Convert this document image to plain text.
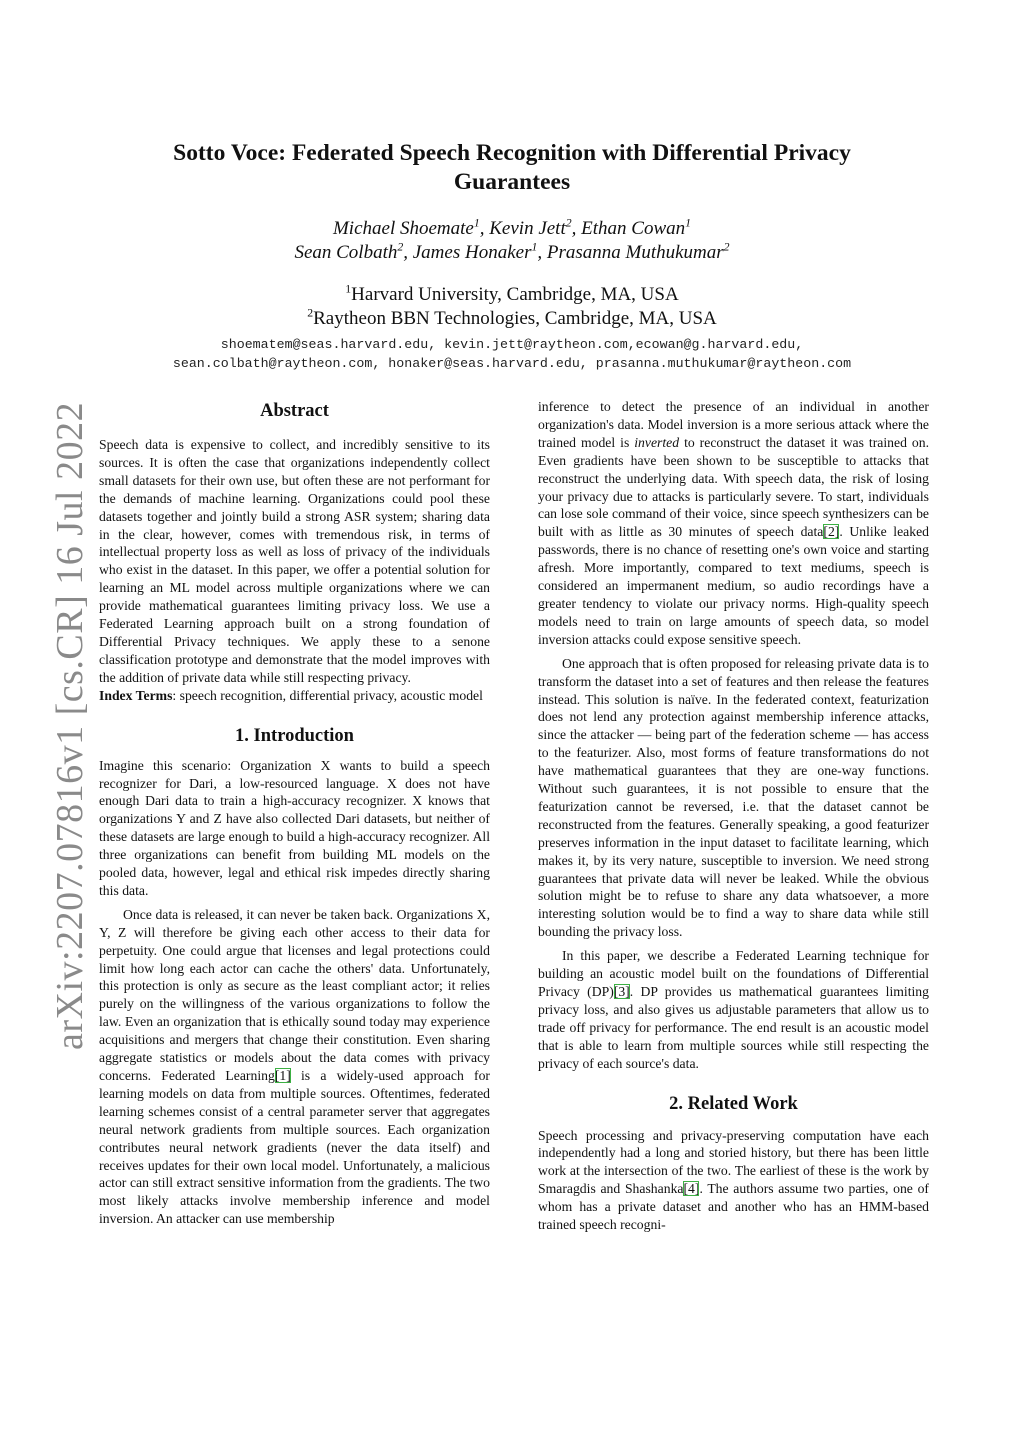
arXiv:2207.07816v1 [cs.CR] 16 Jul 2022
Sotto Voce: Federated Speech Recognition with Differential Privacy
Guarantees
Michael Shoemate$^1$, Kevin Jett$^2$, Ethan Cowan$^1$
Sean Colbath$^2$, James Honaker$^1$, Prasanna Muthukumar$^2$
$^1$Harvard University, Cambridge, MA, USA
$^2$Raytheon BBN Technologies, Cambridge, MA, USA
shoematem@seas.harvard.edu, kevin.jett@raytheon.com,ecowan@g.harvard.edu,
sean.colbath@raytheon.com, honaker@seas.harvard.edu, prasanna.muthukumar@raytheon.com
Abstract

Speech data is expensive to collect, and incredibly sensitive to its sources. It is often the case that organizations independently collect small datasets for their own use, but often these are not performant for the demands of machine learning. Organizations could pool these datasets together and jointly build a strong ASR system; sharing data in the clear, however, comes with tremendous risk, in terms of intellectual property loss as well as loss of privacy of the individuals who exist in the dataset. In this paper, we offer a potential solution for learning an ML model across multiple organizations where we can provide mathematical guarantees limiting privacy loss. We use a Federated Learning approach built on a strong foundation of Differential Privacy techniques. We apply these to a senone classification prototype and demonstrate that the model improves with the addition of private data while still respecting privacy.

Index Terms: speech recognition, differential privacy, acoustic model

1. Introduction

Imagine this scenario: Organization X wants to build a speech recognizer for Dari, a low-resourced language. X does not have enough Dari data to train a high-accuracy recognizer. X knows that organizations Y and Z have also collected Dari datasets, but neither of these datasets are large enough to build a high-accuracy recognizer. All three organizations can benefit from building ML models on the pooled data, however, legal and ethical risk impedes directly sharing this data.

Once data is released, it can never be taken back. Organizations X, Y, Z will therefore be giving each other access to their data for perpetuity. One could argue that licenses and legal protections could limit how long each actor can cache the others' data. Unfortunately, this protection is only as secure as the least compliant actor; it relies purely on the willingness of the various organizations to follow the law. Even an organization that is ethically sound today may experience acquisitions and mergers that change their constitution. Even sharing aggregate statistics or models about the data comes with privacy concerns. Federated Learning[1] is a widely-used approach for learning models on data from multiple sources. Oftentimes, federated learning schemes consist of a central parameter server that aggregates neural network gradients from multiple sources. Each organization contributes neural network gradients (never the data itself) and receives updates for their own local model. Unfortunately, a malicious actor can still extract sensitive information from the gradients. The two most likely attacks involve membership inference and model inversion. An attacker can use membership

inference to detect the presence of an individual in another organization's data. Model inversion is a more serious attack where the trained model is inverted to reconstruct the dataset it was trained on. Even gradients have been shown to be susceptible to attacks that reconstruct the underlying data. With speech data, the risk of losing your privacy due to attacks is particularly severe. To start, individuals can lose sole command of their voice, since speech synthesizers can be built with as little as 30 minutes of speech data[2]. Unlike leaked passwords, there is no chance of resetting one's own voice and starting afresh. More importantly, compared to text mediums, speech is considered an impermanent medium, so audio recordings have a greater tendency to violate our privacy norms. High-quality speech models need to train on large amounts of speech data, so model inversion attacks could expose sensitive speech.

One approach that is often proposed for releasing private data is to transform the dataset into a set of features and then release the features instead. This solution is naïve. In the federated context, featurization does not lend any protection against membership inference attacks, since the attacker — being part of the federation scheme — has access to the featurizer. Also, most forms of feature transformations do not have mathematical guarantees that they are one-way functions. Without such guarantees, it is not possible to ensure that the featurization cannot be reversed, i.e. that the dataset cannot be reconstructed from the features. Generally speaking, a good featurizer preserves information in the input dataset to facilitate learning, which makes it, by its very nature, susceptible to inversion. We need strong guarantees that private data will never be leaked. While the obvious solution might be to refuse to share any data whatsoever, a more interesting solution would be to find a way to share data while still bounding the privacy loss.

In this paper, we describe a Federated Learning technique for building an acoustic model built on the foundations of Differential Privacy (DP)[3]. DP provides us mathematical guarantees limiting privacy loss, and also gives us adjustable parameters that allow us to trade off privacy for performance. The end result is an acoustic model that is able to learn from multiple sources while still respecting the privacy of each source's data.

2. Related Work

Speech processing and privacy-preserving computation have each independently had a long and storied history, but there has been little work at the intersection of the two. The earliest of these is the work by Smaragdis and Shashanka[4]. The authors assume two parties, one of whom has a private dataset and another who has an HMM-based trained speech recogni-
